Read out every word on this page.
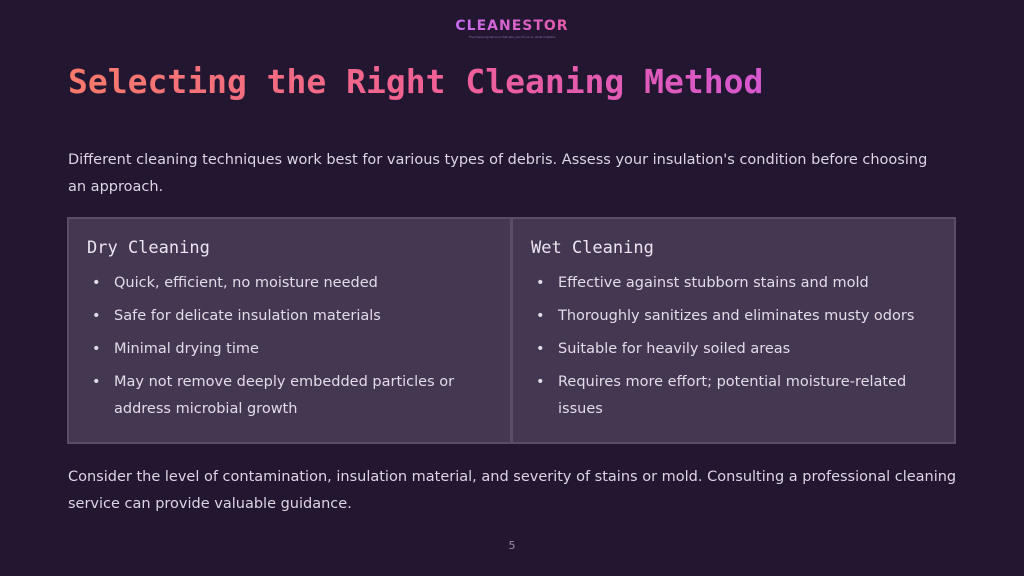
CLEANESTOR
The Cleaning Service that lets you focus on what matters
Selecting the Right Cleaning Method

Different cleaning techniques work best for various types of debris. Assess your insulation's condition before choosing an approach.

Dry Cleaning
• Quick, efficient, no moisture needed
• Safe for delicate insulation materials
• Minimal drying time
• May not remove deeply embedded particles or address microbial growth
Wet Cleaning
• Effective against stubborn stains and mold
• Thoroughly sanitizes and eliminates musty odors
• Suitable for heavily soiled areas
• Requires more effort; potential moisture-related issues

Consider the level of contamination, insulation material, and severity of stains or mold. Consulting a professional cleaning service can provide valuable guidance.

5
